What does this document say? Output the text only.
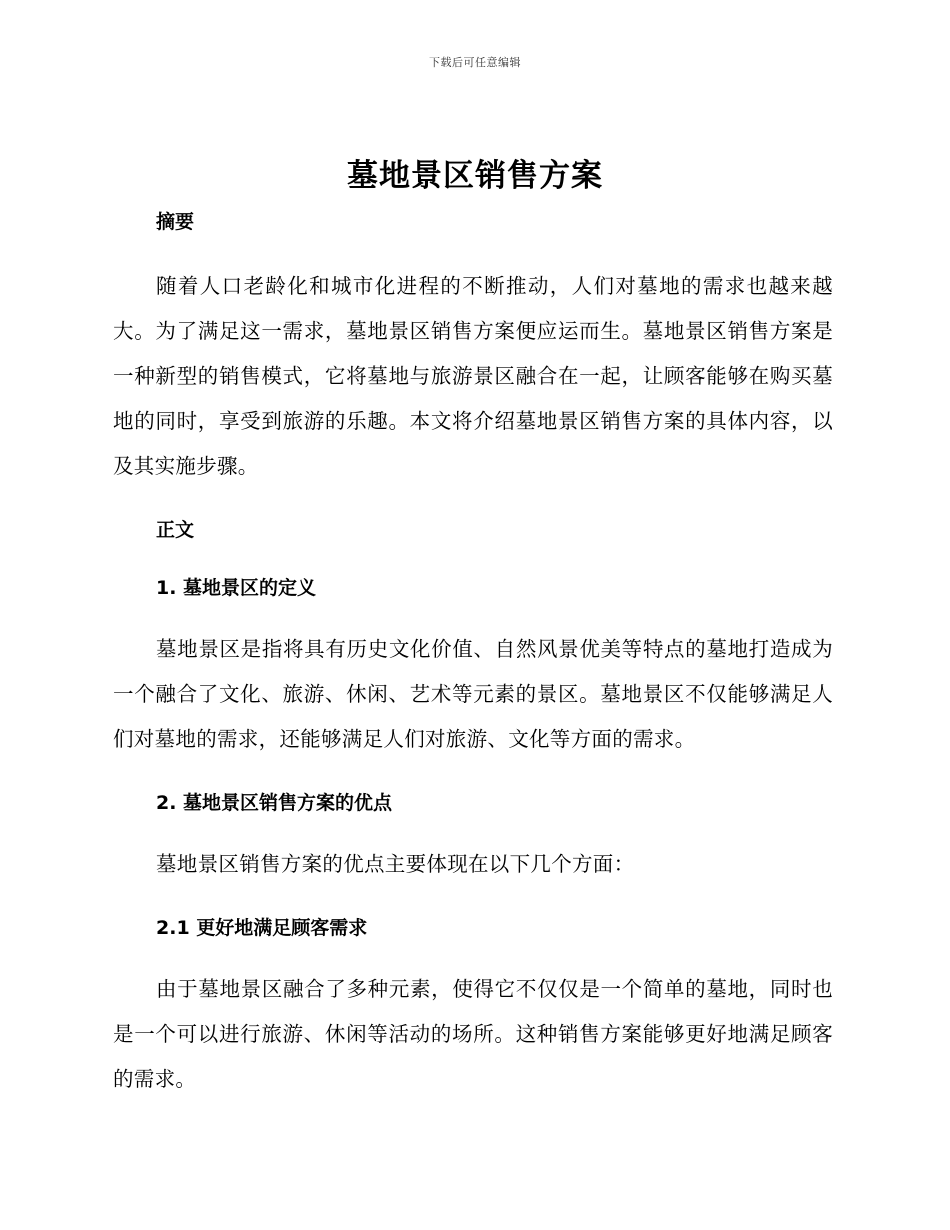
下载后可任意编辑
墓地景区销售方案
摘要
随着人口老龄化和城市化进程的不断推动，人们对墓地的需求也越来越大。为了满足这一需求，墓地景区销售方案便应运而生。墓地景区销售方案是一种新型的销售模式，它将墓地与旅游景区融合在一起，让顾客能够在购买墓地的同时，享受到旅游的乐趣。本文将介绍墓地景区销售方案的具体内容，以及其实施步骤。
正文
1. 墓地景区的定义
墓地景区是指将具有历史文化价值、自然风景优美等特点的墓地打造成为一个融合了文化、旅游、休闲、艺术等元素的景区。墓地景区不仅能够满足人们对墓地的需求，还能够满足人们对旅游、文化等方面的需求。
2. 墓地景区销售方案的优点
墓地景区销售方案的优点主要体现在以下几个方面：
2.1 更好地满足顾客需求
由于墓地景区融合了多种元素，使得它不仅仅是一个简单的墓地，同时也是一个可以进行旅游、休闲等活动的场所。这种销售方案能够更好地满足顾客的需求。
